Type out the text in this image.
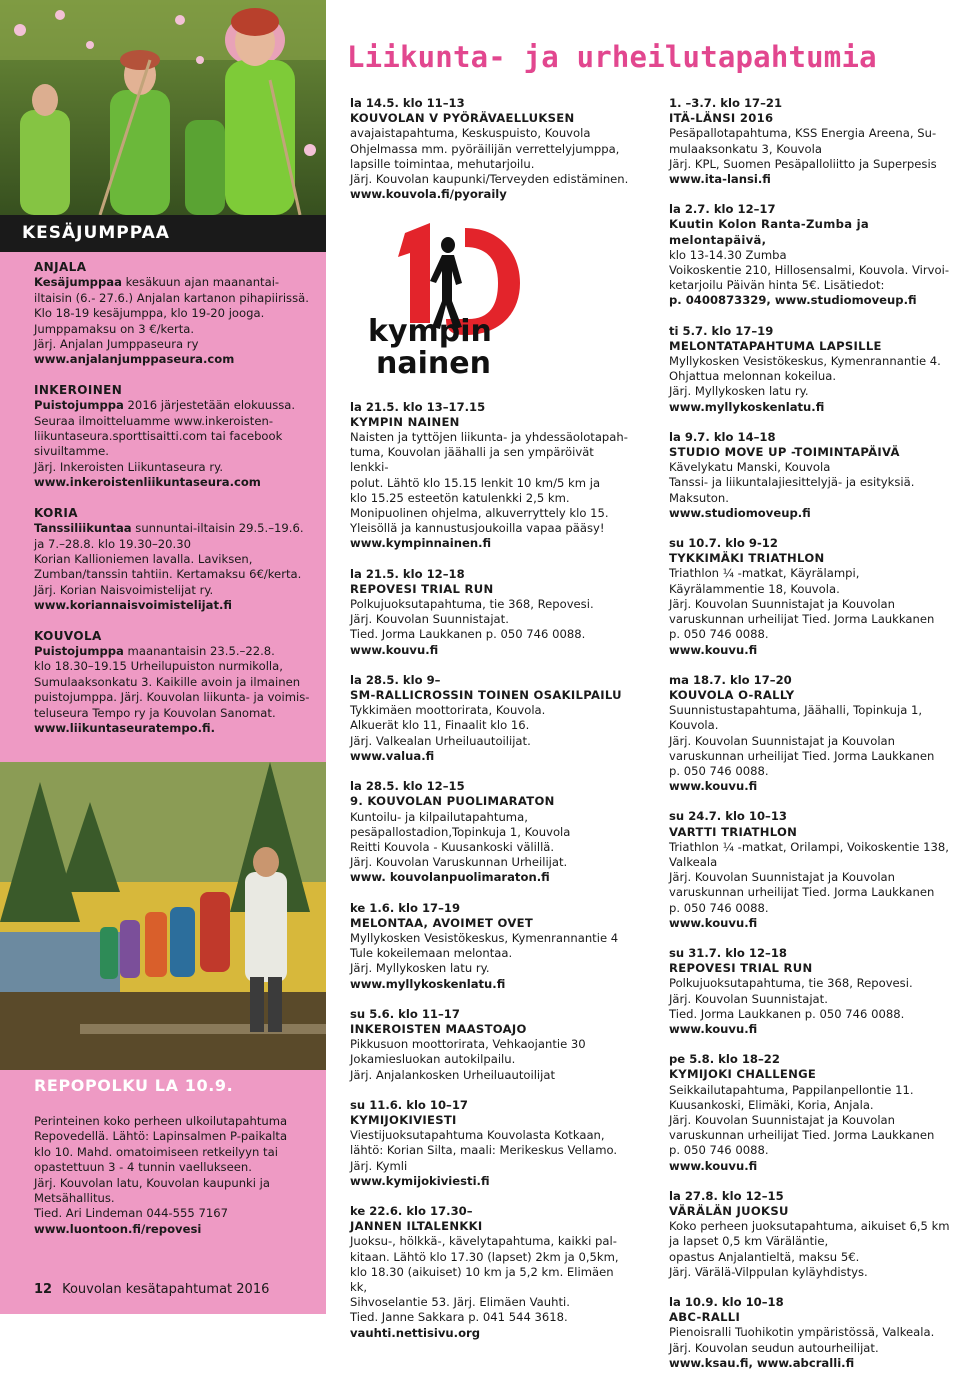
KESÄJUMPPAA

ANJALA

Kesäjumppaa kesäkuun ajan maanantai-

iltaisin (6.- 27.6.) Anjalan kartanon pihapiirissä.

Klo 18-19 kesäjumppa, klo 19-20 jooga.

Jumppamaksu on 3 €/kerta.

Järj. Anjalan Jumppaseura ry

www.anjalanjumppaseura.com

INKEROINEN

Puistojumppa 2016 järjestetään elokuussa.

Seuraa ilmoitteluamme www.inkeroisten-

liikuntaseura.sporttisaitti.com tai facebook

sivuiltamme.

Järj. Inkeroisten Liikuntaseura ry.

www.inkeroistenliikuntaseura.com

KORIA

Tanssiliikuntaa sunnuntai-iltaisin 29.5.–19.6.

ja 7.–28.8. klo 19.30–20.30

Korian Kallioniemen lavalla. Laviksen,

Zumban/tanssin tahtiin. Kertamaksu 6€/kerta.

Järj. Korian Naisvoimistelijat ry.

www.koriannaisvoimistelijat.fi

KOUVOLA

Puistojumppa maanantaisin 23.5.–22.8.

klo 18.30–19.15 Urheilupuiston nurmikolla,

Sumulaaksonkatu 3. Kaikille avoin ja ilmainen

puistojumppa. Järj. Kouvolan liikunta- ja voimis-

teluseura Tempo ry ja Kouvolan Sanomat.

www.liikuntaseuratempo.fi.

REPOPOLKU LA 10.9.

Perinteinen koko perheen ulkoilutapahtuma

Repovedellä. Lähtö: Lapinsalmen P-paikalta

klo 10. Mahd. omatoimiseen retkeilyyn tai

opastettuun 3 - 4 tunnin vaellukseen.

Järj. Kouvolan latu, Kouvolan kaupunki ja

Metsähallitus.

Tied. Ari Lindeman 044-555 7167

www.luontoon.fi/repovesi

12 Kouvolan kesätapahtumat 2016
Liikunta- ja urheilutapahtumia

la 14.5. klo 11–13

KOUVOLAN V PYÖRÄVAELLUKSEN

avajaistapahtuma, Keskuspuisto, Kouvola

Ohjelmassa mm. pyöräilijän verrettelyjumppa,

lapsille toimintaa, mehutarjoilu.

Järj. Kouvolan kaupunki/Terveyden edistäminen.

www.kouvola.fi/pyoraily

kympin
nainen

la 21.5. klo 13–17.15

KYMPIN NAINEN

Naisten ja tyttöjen liikunta- ja yhdessäolotapah-

tuma, Kouvolan jäähalli ja sen ympäröivät lenkki-

polut. Lähtö klo 15.15 lenkit 10 km/5 km ja

klo 15.25 esteetön katulenkki 2,5 km.

Monipuolinen ohjelma, alkuverryttely klo 15.

Yleisöllä ja kannustusjoukoilla vapaa pääsy!

www.kympinnainen.fi

la 21.5. klo 12–18

REPOVESI TRIAL RUN

Polkujuoksutapahtuma, tie 368, Repovesi.

Järj. Kouvolan Suunnistajat.

Tied. Jorma Laukkanen p. 050 746 0088.

www.kouvu.fi

la 28.5. klo 9–

SM-RALLICROSSIN TOINEN OSAKILPAILU

Tykkimäen moottorirata, Kouvola.

Alkuerät klo 11, Finaalit klo 16.

Järj. Valkealan Urheiluautoilijat.

www.valua.fi

la 28.5. klo 12–15

9. KOUVOLAN PUOLIMARATON

Kuntoilu- ja kilpailutapahtuma,

pesäpallostadion,Topinkuja 1, Kouvola

Reitti Kouvola - Kuusankoski välillä.

Järj. Kouvolan Varuskunnan Urheilijat.

www. kouvolanpuolimaraton.fi

ke 1.6. klo 17–19

MELONTAA, AVOIMET OVET

Myllykosken Vesistökeskus, Kymenrannantie 4

Tule kokeilemaan melontaa.

Järj. Myllykosken latu ry.

www.myllykoskenlatu.fi

su 5.6. klo 11–17

INKEROISTEN MAASTOAJO

Pikkusuon moottorirata, Vehkaojantie 30

Jokamiesluokan autokilpailu.

Järj. Anjalankosken Urheiluautoilijat

su 11.6. klo 10–17

KYMIJOKIVIESTI

Viestijuoksutapahtuma Kouvolasta Kotkaan,

lähtö: Korian Silta, maali: Merikeskus Vellamo.

Järj. Kymli

www.kymijokiviesti.fi

ke 22.6. klo 17.30–

JANNEN ILTALENKKI

Juoksu-, hölkkä-, kävelytapahtuma, kaikki pal-

kitaan. Lähtö klo 17.30 (lapset) 2km ja 0,5km,

klo 18.30 (aikuiset) 10 km ja 5,2 km. Elimäen kk,

Sihvoselantie 53. Järj. Elimäen Vauhti.

Tied. Janne Sakkara p. 041 544 3618.

vauhti.nettisivu.org

1. –3.7. klo 17–21

ITÄ-LÄNSI 2016

Pesäpallotapahtuma, KSS Energia Areena, Su-

mulaaksonkatu 3, Kouvola

Järj. KPL, Suomen Pesäpalloliitto ja Superpesis

www.ita-lansi.fi

la 2.7. klo 12–17

Kuutin Kolon Ranta-Zumba ja melontapäivä,

klo 13-14.30 Zumba

Voikoskentie 210, Hillosensalmi, Kouvola. Virvoi-

ketarjoilu Päivän hinta 5€. Lisätiedot:

p. 0400873329, www.studiomoveup.fi

ti 5.7. klo 17–19

MELONTATAPAHTUMA LAPSILLE

Myllykosken Vesistökeskus, Kymenrannantie 4.

Ohjattua melonnan kokeilua.

Järj. Myllykosken latu ry.

www.myllykoskenlatu.fi

la 9.7. klo 14–18

STUDIO MOVE UP -TOIMINTAPÄIVÄ

Kävelykatu Manski, Kouvola

Tanssi- ja liikuntalajiesittelyjä- ja esityksiä.

Maksuton.

www.studiomoveup.fi

su 10.7. klo 9-12

TYKKIMÄKI TRIATHLON

Triathlon ¼ -matkat, Käyrälampi,

Käyrälammentie 18, Kouvola.

Järj. Kouvolan Suunnistajat ja Kouvolan

varuskunnan urheilijat Tied. Jorma Laukkanen

p. 050 746 0088.

www.kouvu.fi

ma 18.7. klo 17–20

KOUVOLA O-RALLY

Suunnistustapahtuma, Jäähalli, Topinkuja 1,

Kouvola.

Järj. Kouvolan Suunnistajat ja Kouvolan

varuskunnan urheilijat Tied. Jorma Laukkanen

p. 050 746 0088.

www.kouvu.fi

su 24.7. klo 10–13

VARTTI TRIATHLON

Triathlon ¼ -matkat, Orilampi, Voikoskentie 138,

Valkeala

Järj. Kouvolan Suunnistajat ja Kouvolan

varuskunnan urheilijat Tied. Jorma Laukkanen

p. 050 746 0088.

www.kouvu.fi

su 31.7. klo 12–18

REPOVESI TRIAL RUN

Polkujuoksutapahtuma, tie 368, Repovesi.

Järj. Kouvolan Suunnistajat.

Tied. Jorma Laukkanen p. 050 746 0088.

www.kouvu.fi

pe 5.8. klo 18–22

KYMIJOKI CHALLENGE

Seikkailutapahtuma, Pappilanpellontie 11.

Kuusankoski, Elimäki, Koria, Anjala.

Järj. Kouvolan Suunnistajat ja Kouvolan

varuskunnan urheilijat Tied. Jorma Laukkanen

p. 050 746 0088.

www.kouvu.fi

la 27.8. klo 12–15

VÄRÄLÄN JUOKSU

Koko perheen juoksutapahtuma, aikuiset 6,5 km

ja lapset 0,5 km Väräläntie,

opastus Anjalantieltä, maksu 5€.

Järj. Värälä-Vilppulan kyläyhdistys.

la 10.9. klo 10–18

ABC-RALLI

Pienoisralli Tuohikotin ympäristössä, Valkeala.

Järj. Kouvolan seudun autourheilijat.

www.ksau.fi, www.abcralli.fi
